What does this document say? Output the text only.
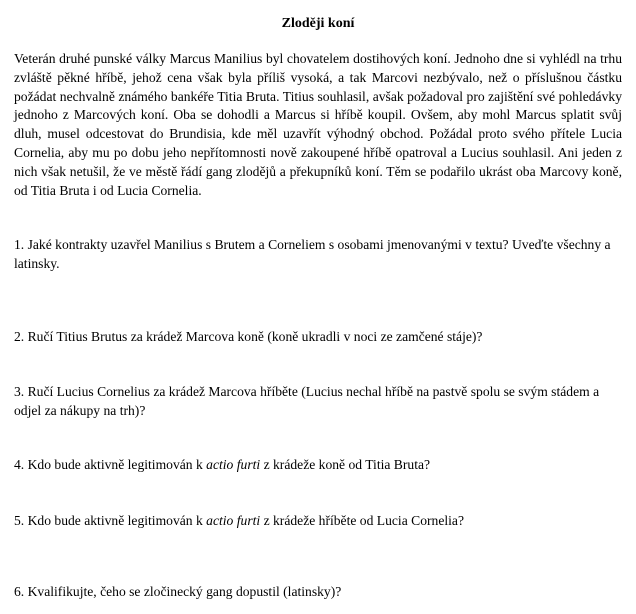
Zloději koní

Veterán druhé punské války Marcus Manilius byl chovatelem dostihových koní. Jednoho dne si vyhlédl na trhu zvláště pěkné hříbě, jehož cena však byla příliš vysoká, a tak Marcovi nezbývalo, než o příslušnou částku požádat nechvalně známého bankéře Titia Bruta. Titius souhlasil, avšak požadoval pro zajištění své pohledávky jednoho z Marcových koní. Oba se dohodli a Marcus si hříbě koupil. Ovšem, aby mohl Marcus splatit svůj dluh, musel odcestovat do Brundisia, kde měl uzavřít výhodný obchod. Požádal proto svého přítele Lucia Cornelia, aby mu po dobu jeho nepřítomnosti nově zakoupené hříbě opatroval a Lucius souhlasil. Ani jeden z nich však netušil, že ve městě řádí gang zlodějů a překupníků koní. Těm se podařilo ukrást oba Marcovy koně, od Titia Bruta i od Lucia Cornelia.

1. Jaké kontrakty uzavřel Manilius s Brutem a Corneliem s osobami jmenovanými v textu? Uveďte všechny a latinsky.

2. Ručí Titius Brutus za krádež Marcova koně (koně ukradli v noci ze zamčené stáje)?

3. Ručí Lucius Cornelius za krádež Marcova hříběte (Lucius nechal hříbě na pastvě spolu se svým stádem a odjel za nákupy na trh)?

4. Kdo bude aktivně legitimován k actio furti z krádeže koně od Titia Bruta?

5. Kdo bude aktivně legitimován k actio furti z krádeže hříběte od Lucia Cornelia?

6. Kvalifikujte, čeho se zločinecký gang dopustil (latinsky)?
